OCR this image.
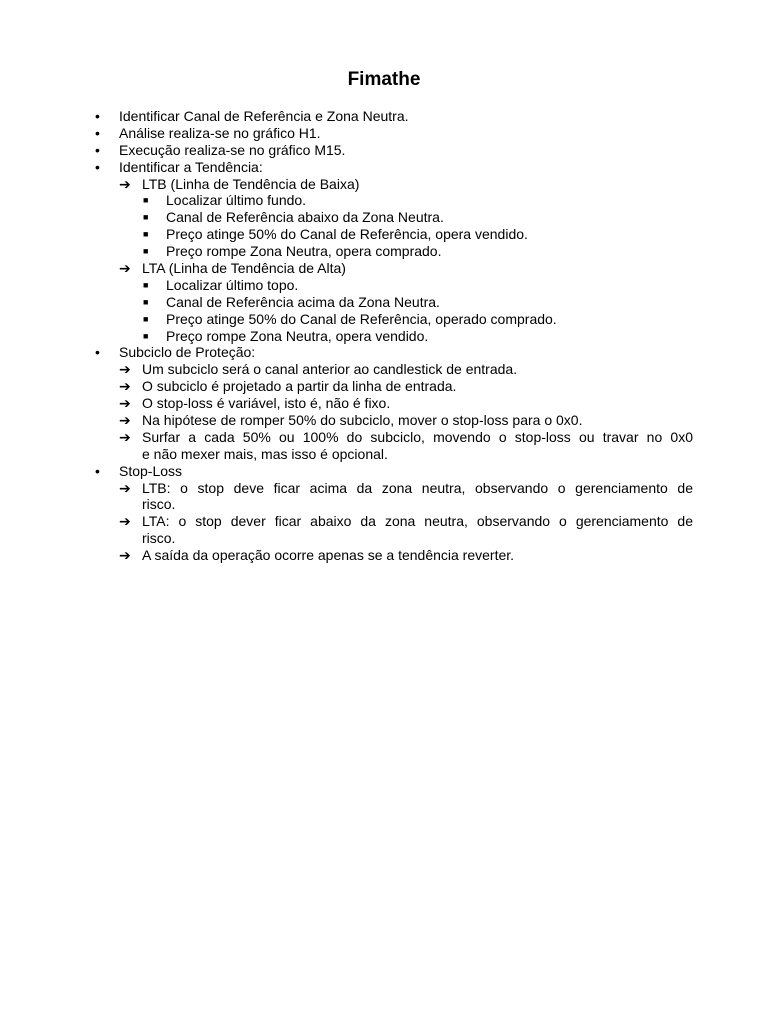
Fimathe
• Identificar Canal de Referência e Zona Neutra.
• Análise realiza-se no gráfico H1.
• Execução realiza-se no gráfico M15.
• Identificar a Tendência:
➔ LTB (Linha de Tendência de Baixa)
■ Localizar último fundo.
■ Canal de Referência abaixo da Zona Neutra.
■ Preço atinge 50% do Canal de Referência, opera vendido.
■ Preço rompe Zona Neutra, opera comprado.
➔ LTA (Linha de Tendência de Alta)
■ Localizar último topo.
■ Canal de Referência acima da Zona Neutra.
■ Preço atinge 50% do Canal de Referência, operado comprado.
■ Preço rompe Zona Neutra, opera vendido.
• Subciclo de Proteção:
➔ Um subciclo será o canal anterior ao candlestick de entrada.
➔ O subciclo é projetado a partir da linha de entrada.
➔ O stop-loss é variável, isto é, não é fixo.
➔ Na hipótese de romper 50% do subciclo, mover o stop-loss para o 0x0.
➔ Surfar a cada 50% ou 100% do subciclo, movendo o stop-loss ou travar no 0x0
e não mexer mais, mas isso é opcional.
• Stop-Loss
➔ LTB: o stop deve ficar acima da zona neutra, observando o gerenciamento de
risco.
➔ LTA: o stop dever ficar abaixo da zona neutra, observando o gerenciamento de
risco.
➔ A saída da operação ocorre apenas se a tendência reverter.
